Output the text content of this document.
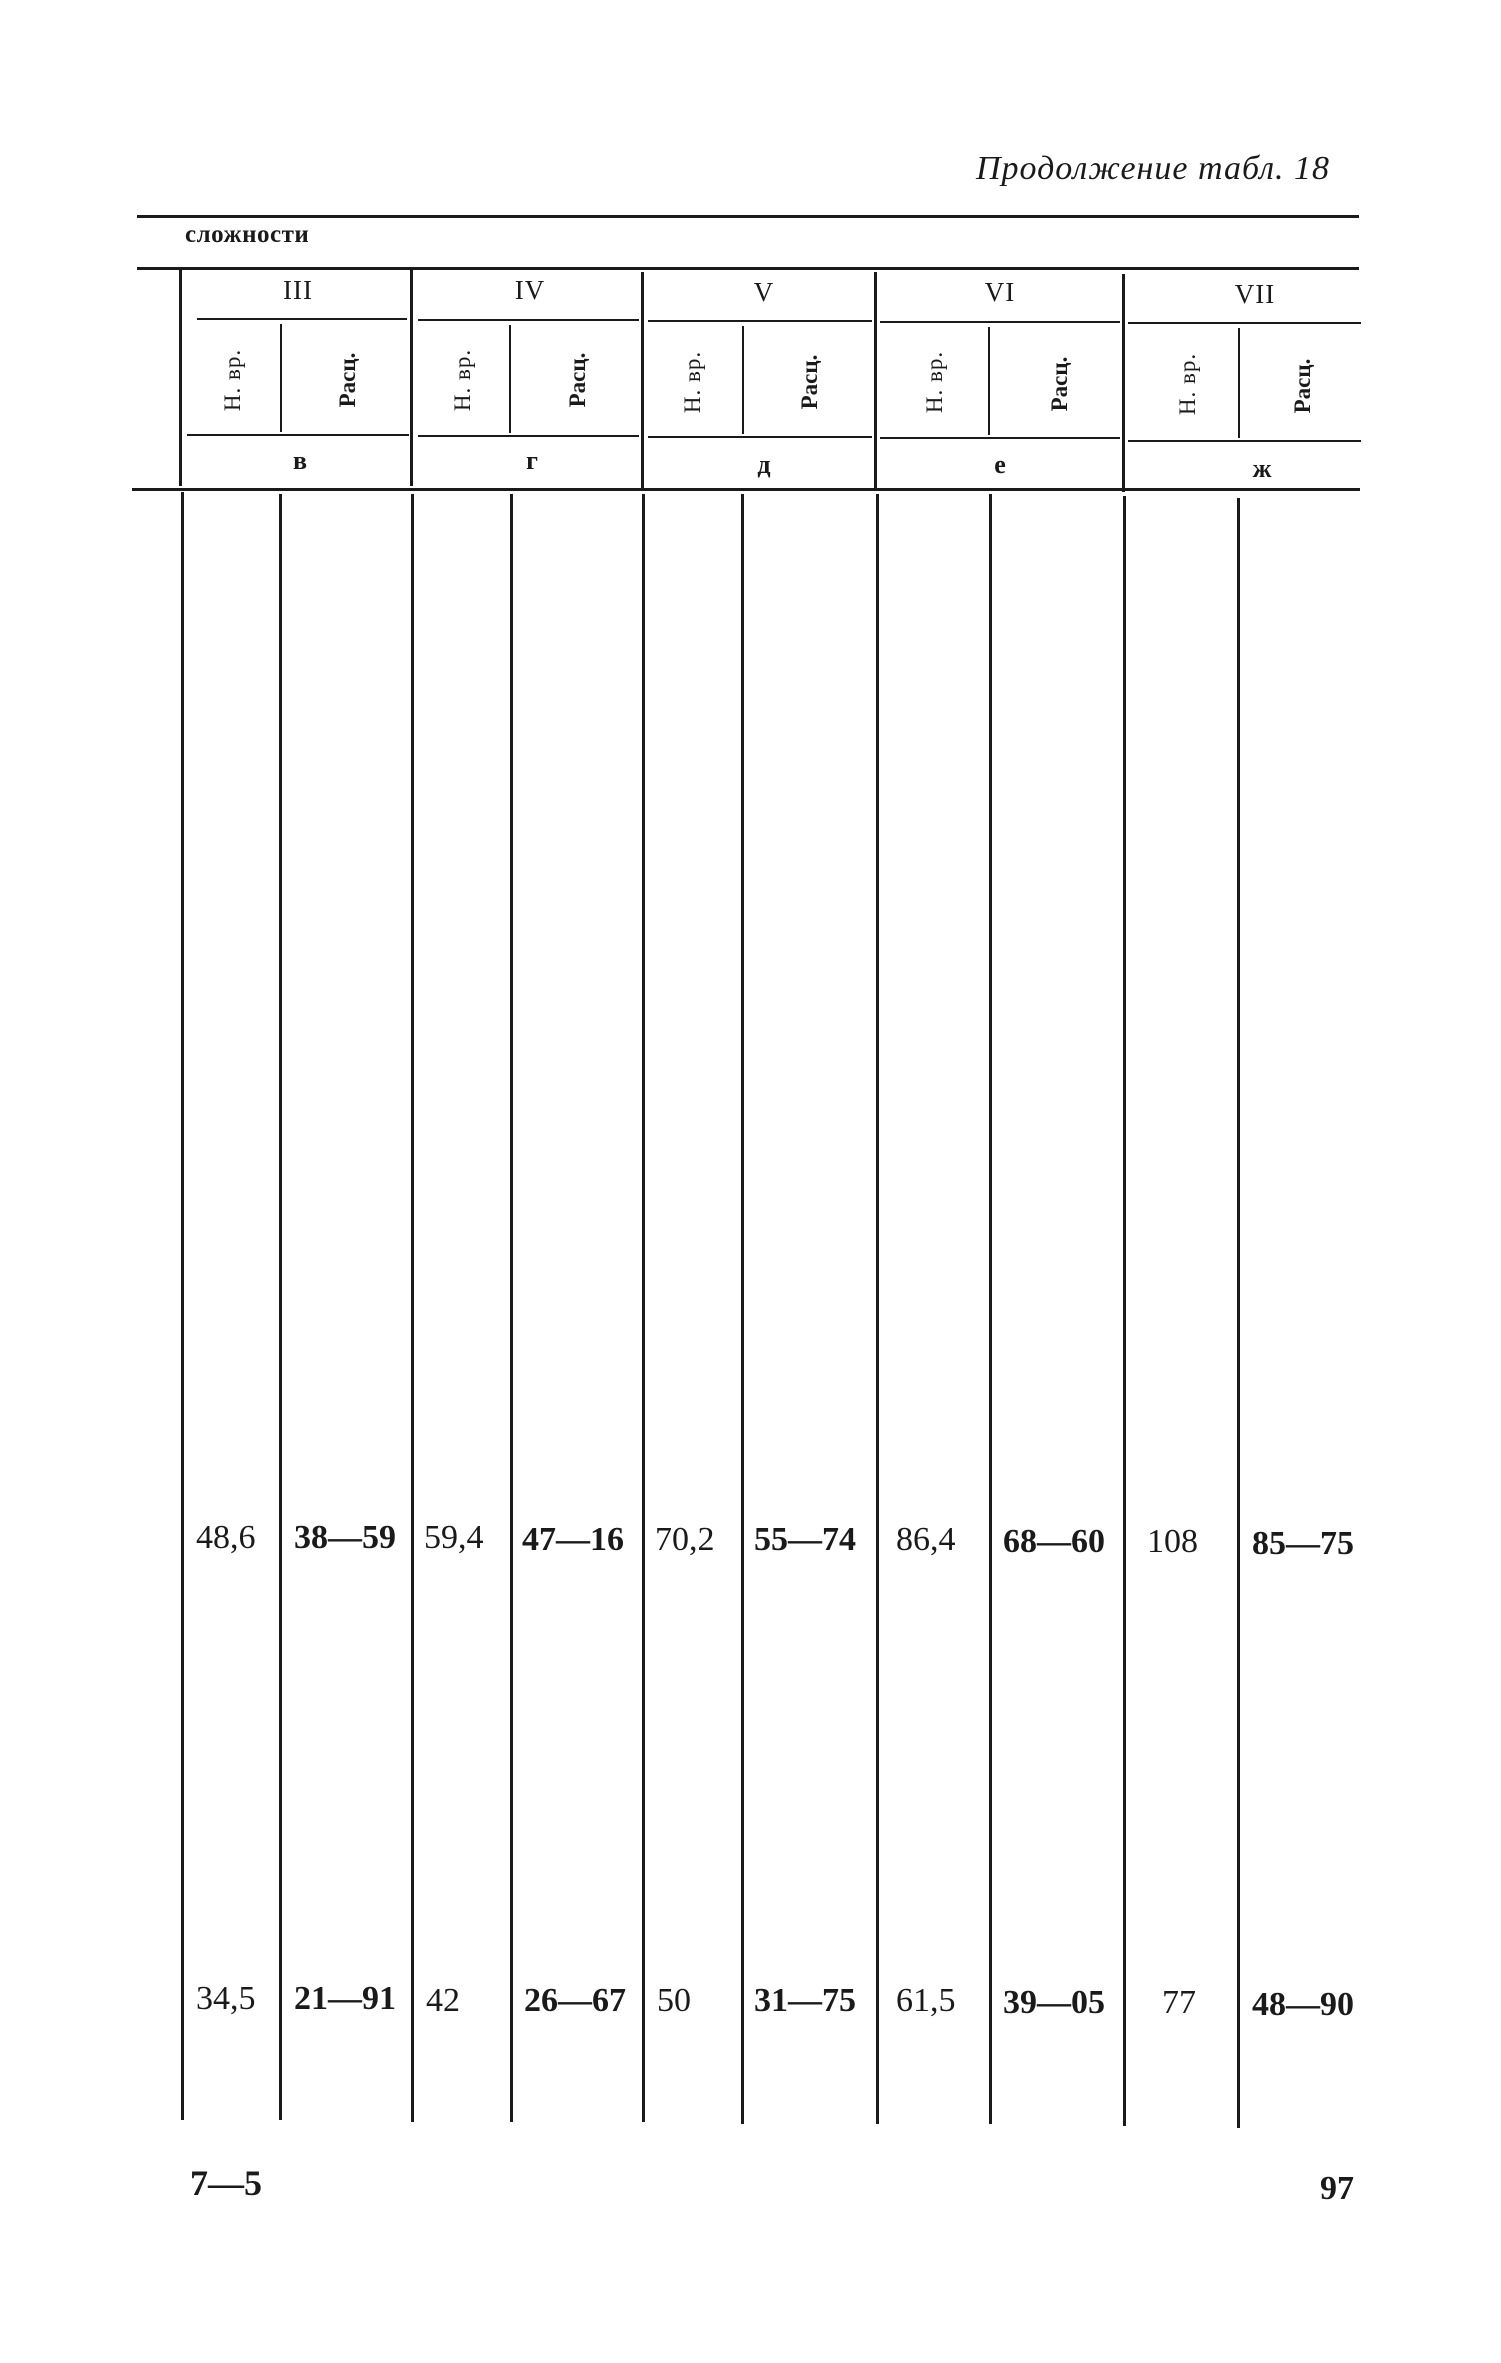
Продолжение табл. 18
сложности
III	IV	V	VI	VII
Н. вр.	Расц.	Н. вр.	Расц.	Н. вр.	Расц.	Н. вр.	Расц.	Н. вр.	Расц.
в	г	д	е	ж
48,6 38—59 59,4 47—16 70,2 55—74 86,4 68—60 108 85—75
34,5 21—91 42 26—67 50 31—75 61,5 39—05 77 48—90
7—5	97
